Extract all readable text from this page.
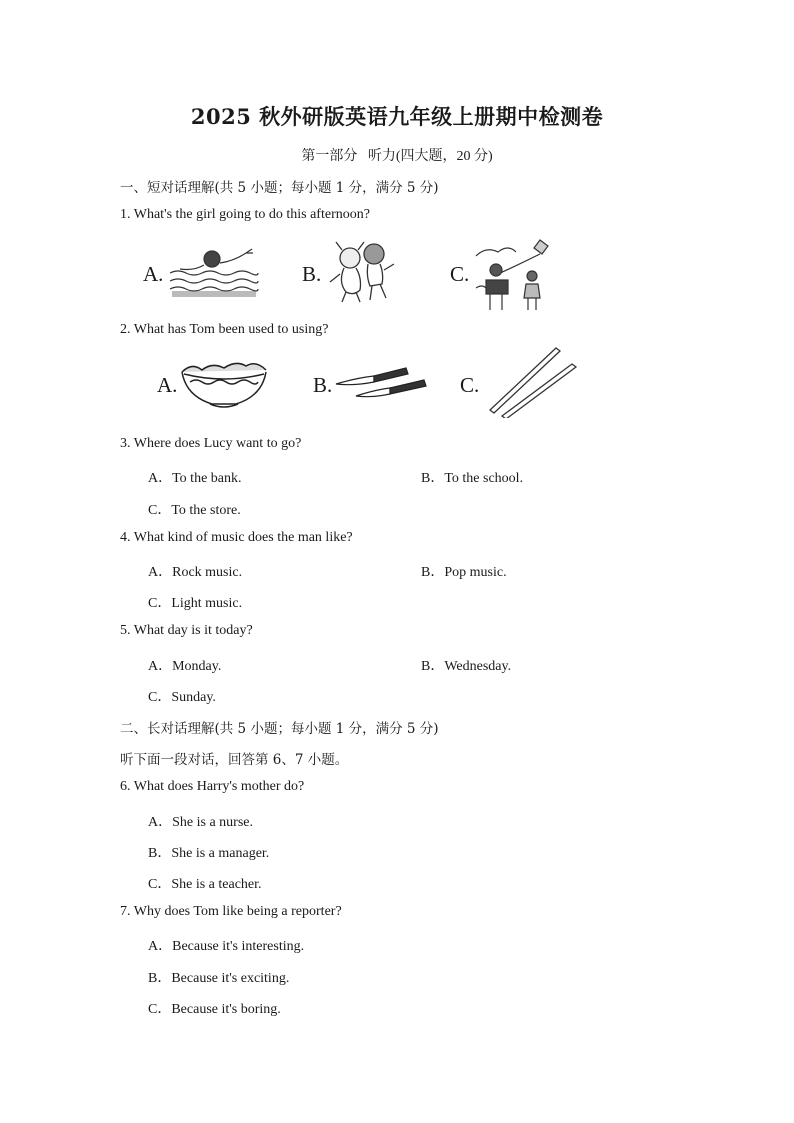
2025 秋外研版英语九年级上册期中检测卷
第一部分 听力(四大题，20 分)
一、短对话理解(共 5 小题；每小题 1 分，满分 5 分)
1. What's the girl going to do this afternoon?
A.	B.	C.
2. What has Tom been used to using?
A.	B.	C.
3. Where does Lucy want to go?
A．To the bank.	B．To the school.
C．To the store.
4. What kind of music does the man like?
A．Rock music.	B．Pop music.
C．Light music.
5. What day is it today?
A．Monday.	B．Wednesday.
C．Sunday.
二、长对话理解(共 5 小题；每小题 1 分，满分 5 分)
听下面一段对话，回答第 6、7 小题。
6. What does Harry's mother do?
A．She is a nurse.
B．She is a manager.
C．She is a teacher.
7. Why does Tom like being a reporter?
A．Because it's interesting.
B．Because it's exciting.
C．Because it's boring.
